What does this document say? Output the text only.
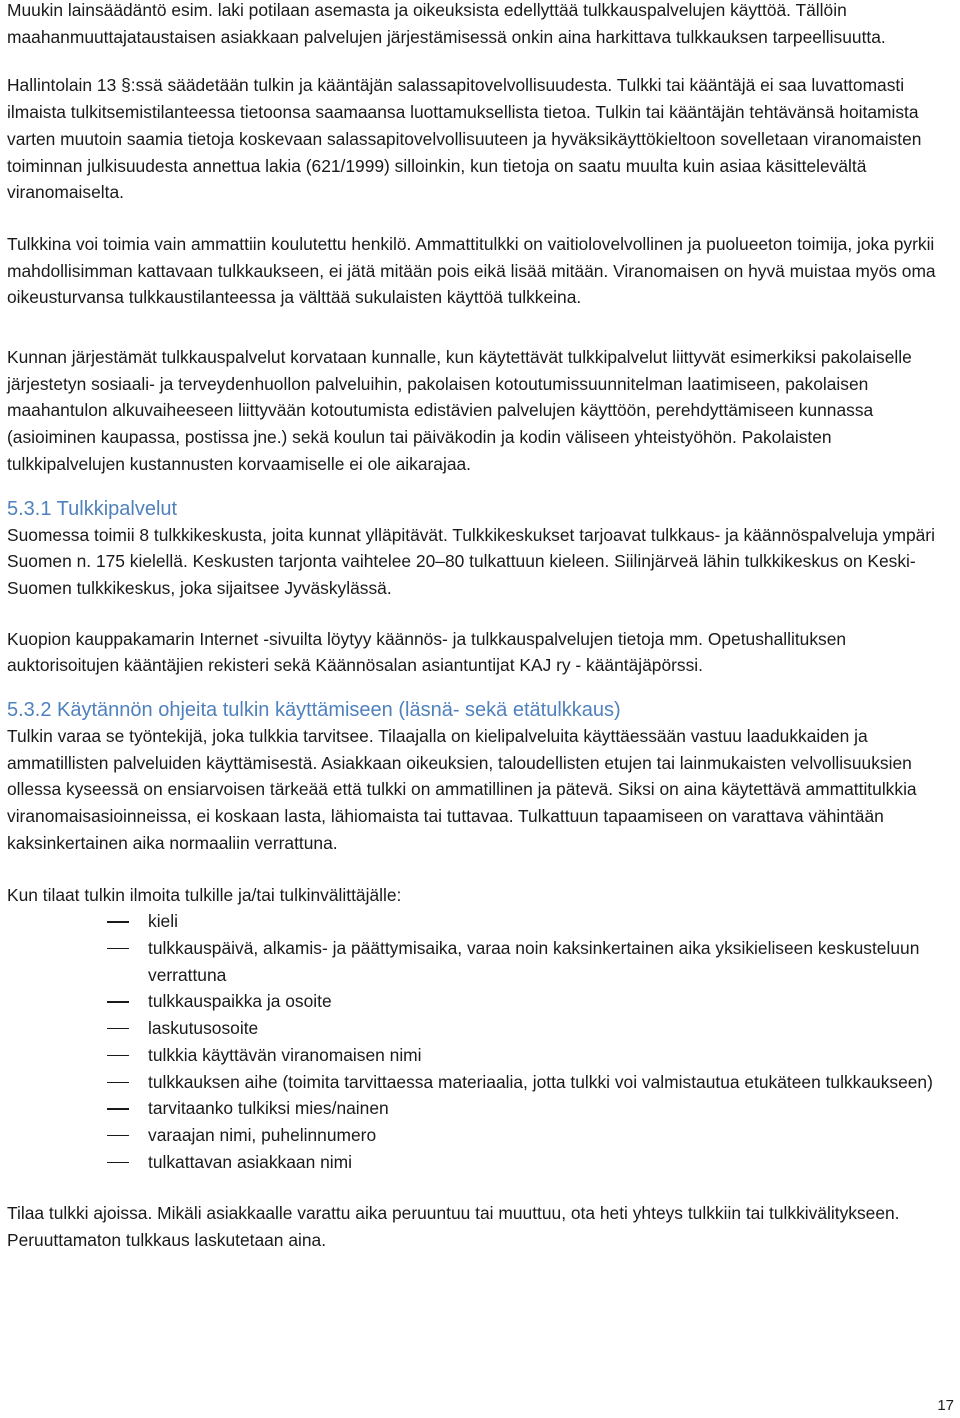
Muukin lainsäädäntö esim. laki potilaan asemasta ja oikeuksista edellyttää tulkkauspalvelujen käyttöä. Tällöin maahanmuuttajataustaisen asiakkaan palvelujen järjestämisessä onkin aina harkittava tulkkauksen tarpeellisuutta.

Hallintolain 13 §:ssä säädetään tulkin ja kääntäjän salassapitovelvollisuudesta. Tulkki tai kääntäjä ei saa luvattomasti ilmaista tulkitsemistilanteessa tietoonsa saamaansa luottamuksellista tietoa. Tulkin tai kääntäjän tehtävänsä hoitamista varten muutoin saamia tietoja koskevaan salassapitovelvollisuuteen ja hyväksikäyttökieltoon sovelletaan viranomaisten toiminnan julkisuudesta annettua lakia (621/1999) silloinkin, kun tietoja on saatu muulta kuin asiaa käsittelevältä viranomaiselta.

Tulkkina voi toimia vain ammattiin koulutettu henkilö. Ammattitulkki on vaitiolovelvollinen ja puolueeton toimija, joka pyrkii mahdollisimman kattavaan tulkkaukseen, ei jätä mitään pois eikä lisää mitään. Viranomaisen on hyvä muistaa myös oma oikeusturvansa tulkkaustilanteessa ja välttää sukulaisten käyttöä tulkkeina.

Kunnan järjestämät tulkkauspalvelut korvataan kunnalle, kun käytettävät tulkkipalvelut liittyvät esimerkiksi pakolaiselle järjestetyn sosiaali- ja terveydenhuollon palveluihin, pakolaisen kotoutumissuunnitelman laatimiseen, pakolaisen maahantulon alkuvaiheeseen liittyvään kotoutumista edistävien palvelujen käyttöön, perehdyttämiseen kunnassa (asioiminen kaupassa, postissa jne.) sekä koulun tai päiväkodin ja kodin väliseen yhteistyöhön. Pakolaisten tulkkipalvelujen kustannusten korvaamiselle ei ole aikarajaa.

5.3.1 Tulkkipalvelut

Suomessa toimii 8 tulkkikeskusta, joita kunnat ylläpitävät. Tulkkikeskukset tarjoavat tulkkaus- ja käännöspalveluja ympäri Suomen n. 175 kielellä. Keskusten tarjonta vaihtelee 20–80 tulkattuun kieleen. Siilinjärveä lähin tulkkikeskus on Keski-Suomen tulkkikeskus, joka sijaitsee Jyväskylässä.

Kuopion kauppakamarin Internet -sivuilta löytyy käännös- ja tulkkauspalvelujen tietoja mm. Opetushallituksen auktorisoitujen kääntäjien rekisteri sekä Käännösalan asiantuntijat KAJ ry - kääntäjäpörssi.

5.3.2 Käytännön ohjeita tulkin käyttämiseen (läsnä- sekä etätulkkaus)

Tulkin varaa se työntekijä, joka tulkkia tarvitsee. Tilaajalla on kielipalveluita käyttäessään vastuu laadukkaiden ja ammatillisten palveluiden käyttämisestä. Asiakkaan oikeuksien, taloudellisten etujen tai lainmukaisten velvollisuuksien ollessa kyseessä on ensiarvoisen tärkeää että tulkki on ammatillinen ja pätevä. Siksi on aina käytettävä ammattitulkkia viranomaisasioinneissa, ei koskaan lasta, lähiomaista tai tuttavaa. Tulkattuun tapaamiseen on varattava vähintään kaksinkertainen aika normaaliin verrattuna.

Kun tilaat tulkin ilmoita tulkille ja/tai tulkinvälittäjälle:

kieli
tulkkauspäivä, alkamis- ja päättymisaika, varaa noin kaksinkertainen aika yksikieliseen keskusteluun verrattuna
tulkkauspaikka ja osoite
laskutusosoite
tulkkia käyttävän viranomaisen nimi
tulkkauksen aihe (toimita tarvittaessa materiaalia, jotta tulkki voi valmistautua etukäteen tulkkaukseen)
tarvitaanko tulkiksi mies/nainen
varaajan nimi, puhelinnumero
tulkattavan asiakkaan nimi

Tilaa tulkki ajoissa. Mikäli asiakkaalle varattu aika peruuntuu tai muuttuu, ota heti yhteys tulkkiin tai tulkkivälitykseen. Peruuttamaton tulkkaus laskutetaan aina.

17
